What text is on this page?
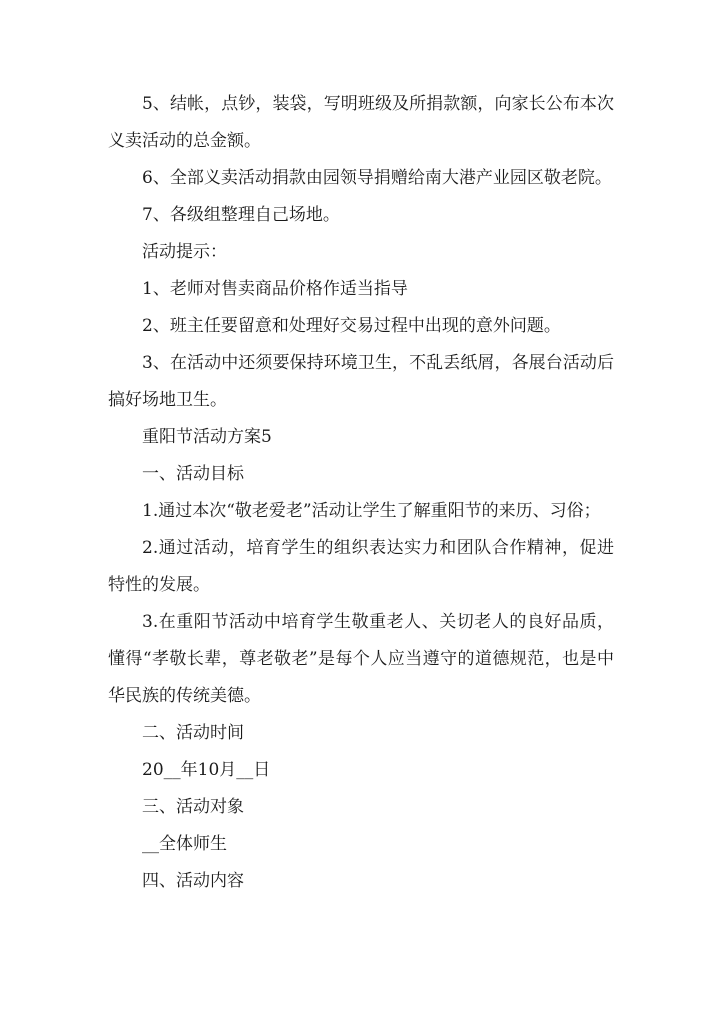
5、结帐，点钞，装袋，写明班级及所捐款额，向家长公布本次义卖活动的总金额。

6、全部义卖活动捐款由园领导捐赠给南大港产业园区敬老院。

7、各级组整理自己场地。

活动提示：

1、老师对售卖商品价格作适当指导

2、班主任要留意和处理好交易过程中出现的意外问题。

3、在活动中还须要保持环境卫生，不乱丢纸屑，各展台活动后搞好场地卫生。

重阳节活动方案5

一、活动目标

1.通过本次“敬老爱老”活动让学生了解重阳节的来历、习俗；

2.通过活动，培育学生的组织表达实力和团队合作精神，促进特性的发展。

3.在重阳节活动中培育学生敬重老人、关切老人的良好品质，懂得“孝敬长辈，尊老敬老”是每个人应当遵守的道德规范，也是中华民族的传统美德。

二、活动时间

20__年10月__日

三、活动对象

__全体师生

四、活动内容
